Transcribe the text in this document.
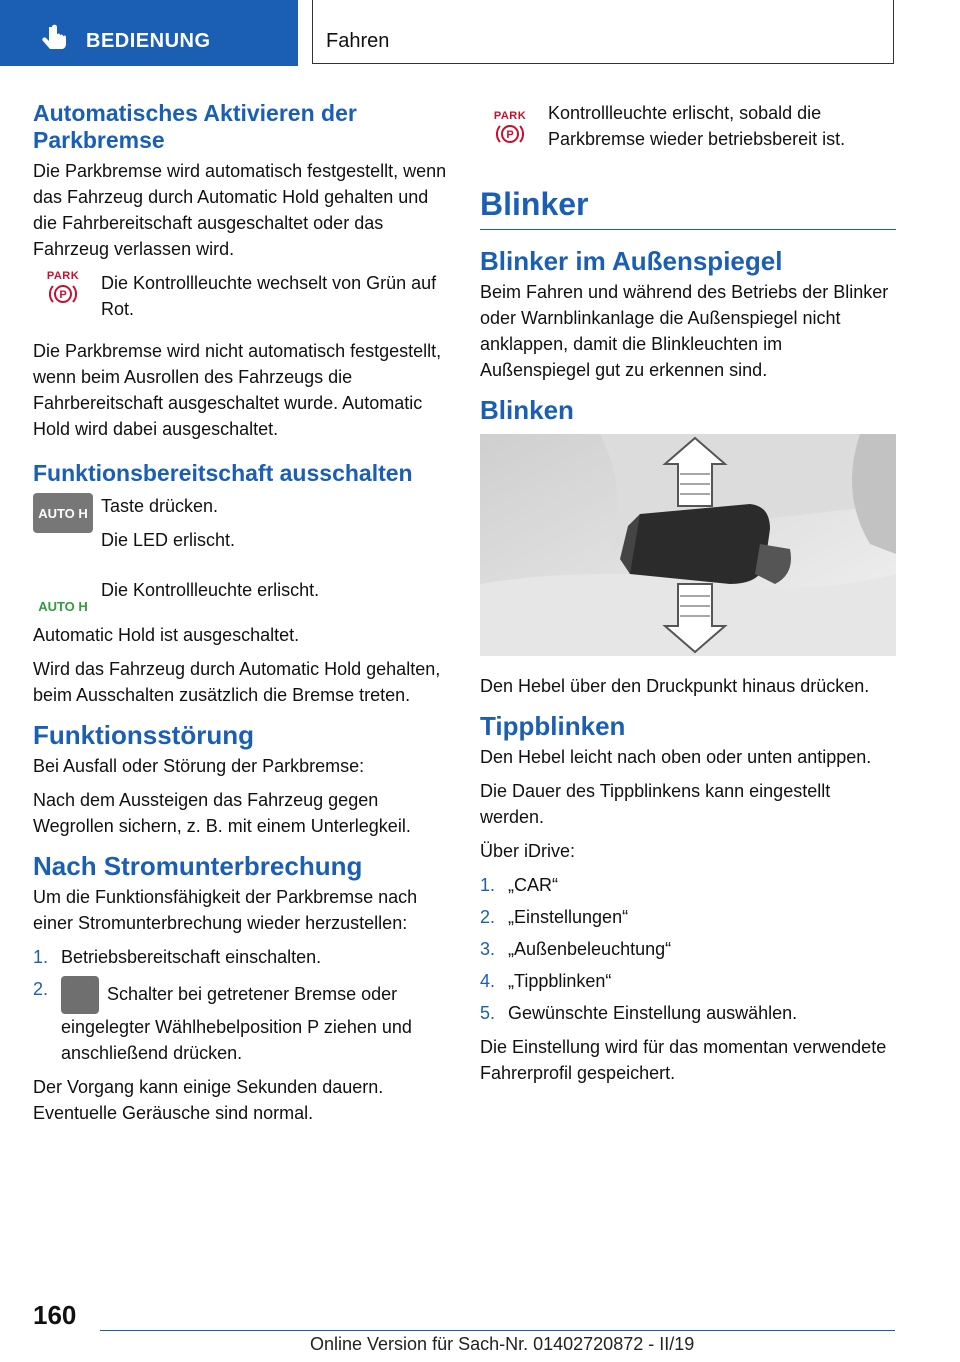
BEDIENUNG	Fahren
Automatisches Aktivieren der Parkbremse

Die Parkbremse wird automatisch festgestellt, wenn das Fahrzeug durch Automatic Hold gehalten und die Fahrbereitschaft ausgeschaltet oder das Fahrzeug verlassen wird.

PARK
P

Die Kontrollleuchte wechselt von Grün auf Rot.

Die Parkbremse wird nicht automatisch festgestellt, wenn beim Ausrollen des Fahrzeugs die Fahrbereitschaft ausgeschaltet wurde. Automatic Hold wird dabei ausgeschaltet.

Funktionsbereitschaft ausschalten
AUTO H Taste drücken.

Die LED erlischt.

AUTO H

Die Kontrollleuchte erlischt.

Automatic Hold ist ausgeschaltet.

Wird das Fahrzeug durch Automatic Hold gehalten, beim Ausschalten zusätzlich die Bremse treten.

Funktionsstörung

Bei Ausfall oder Störung der Parkbremse:

Nach dem Aussteigen das Fahrzeug gegen Wegrollen sichern, z. B. mit einem Unterlegkeil.

Nach Stromunterbrechung

Um die Funktionsfähigkeit der Parkbremse nach einer Stromunterbrechung wieder herzustellen:

1. Betriebsbereitschaft einschalten.
2.	Schalter bei getretener Bremse oder eingelegter Wählhebelposition P ziehen und anschließend drücken.

Der Vorgang kann einige Sekunden dauern. Eventuelle Geräusche sind normal.

PARK
P

Kontrollleuchte erlischt, sobald die Parkbremse wieder betriebsbereit ist.

Blinker
Blinker im Außenspiegel

Beim Fahren und während des Betriebs der Blinker oder Warnblinkanlage die Außenspiegel nicht anklappen, damit die Blinkleuchten im Außenspiegel gut zu erkennen sind.

Blinken

Den Hebel über den Druckpunkt hinaus drücken.

Tippblinken

Den Hebel leicht nach oben oder unten antippen.

Die Dauer des Tippblinkens kann eingestellt werden.

Über iDrive:

1. „CAR“
2. „Einstellungen“
3. „Außenbeleuchtung“
4. „Tippblinken“
5. Gewünschte Einstellung auswählen.

Die Einstellung wird für das momentan verwendete Fahrerprofil gespeichert.

160
Online Version für Sach-Nr. 01402720872 - II/19
